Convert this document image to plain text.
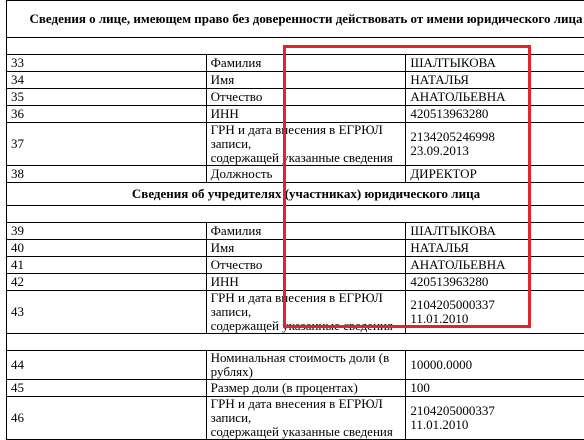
Сведения о лице, имеющем право без доверенности действовать от имени юридического лица		

33	Фамилия	ШАЛТЫКОВА
34	Имя	НАТАЛЬЯ
35	Отчество	АНАТОЛЬЕВНА
36	ИНН	420513963280
37	ГРН и дата внесения в ЕГРЮЛ записи,
содержащей указанные сведения	2134205246998
23.09.2013

38	Должность	ДИРЕКТОР
Сведения об учредителях (участниках) юридического лица		

39	Фамилия	ШАЛТЫКОВА
40	Имя	НАТАЛЬЯ
41	Отчество	АНАТОЛЬЕВНА
42	ИНН	420513963280
43	ГРН и дата внесения в ЕГРЮЛ записи,
содержащей указанные сведения	2104205000337
11.01.2010

44	Номинальная стоимость доли (в рублях)	10000.0000
45	Размер доли (в процентах)	100
46	ГРН и дата внесения в ЕГРЮЛ записи,
содержащей указанные сведения	2104205000337
11.01.2010
